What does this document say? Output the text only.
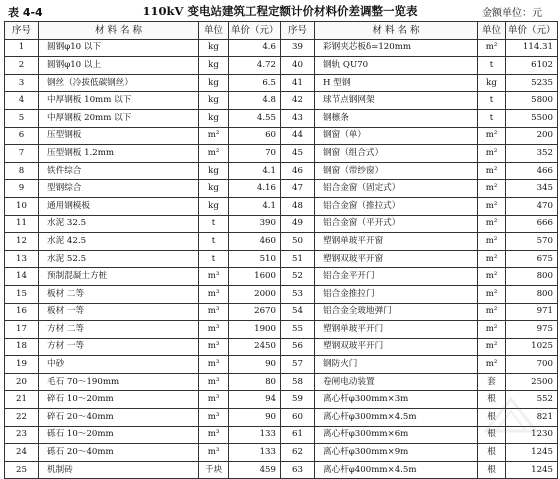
表 4-4	110kV 变电站建筑工程定额计价材料价差调整一览表	金额单位：元
序号	材 料 名 称	单位	单价（元）	序号	材 料 名 称	单位	单价（元）
1	圆钢φ10 以下	kg	4.6	39	彩钢夹芯板δ=120mm	m²	114.31
2	圆钢φ10 以上	kg	4.72	40	钢轨 QU70	t	6102
3	钢丝（冷拔低碳钢丝）	kg	6.5	41	H 型钢	kg	5235
4	中厚钢板 10mm 以下	kg	4.8	42	球节点钢网架	t	5800
5	中厚钢板 20mm 以下	kg	4.55	43	钢檩条	t	5500
6	压型钢板	m²	60	44	钢窗（单）	m²	200
7	压型钢板 1.2mm	m²	70	45	钢窗（组合式）	m²	352
8	铁件综合	kg	4.1	46	钢窗（带纱窗）	m²	466
9	型钢综合	kg	4.16	47	铝合金窗（固定式）	m²	345
10	通用钢模板	kg	4.1	48	铝合金窗（推拉式）	m²	470
11	水泥 32.5	t	390	49	铝合金窗（平开式）	m²	666
12	水泥 42.5	t	460	50	塑钢单玻平开窗	m²	570
13	水泥 52.5	t	510	51	塑钢双玻平开窗	m²	675
14	预制混凝土方桩	m³	1600	52	铝合金平开门	m²	800
15	板材 二等	m³	2000	53	铝合金推拉门	m²	800
16	板材 一等	m³	2670	54	铝合金全玻地弹门	m²	971
17	方材 二等	m³	1900	55	塑钢单玻平开门	m²	975
18	方材 一等	m³	2450	56	塑钢双玻平开门	m²	1025
19	中砂	m³	90	57	钢防火门	m²	700
20	毛石 70～190mm	m³	80	58	卷闸电动装置	套	2500
21	碎石 10～20mm	m³	94	59	离心杆φ300mm×3m	根	552
22	碎石 20～40mm	m³	90	60	离心杆φ300mm×4.5m	根	821
23	砾石 10～20mm	m³	133	61	离心杆φ300mm×6m	根	1230
24	砾石 20～40mm	m³	133	62	离心杆φ300mm×9m	根	1245
25	机制砖	千块	459	63	离心杆φ400mm×4.5m	根	1245
